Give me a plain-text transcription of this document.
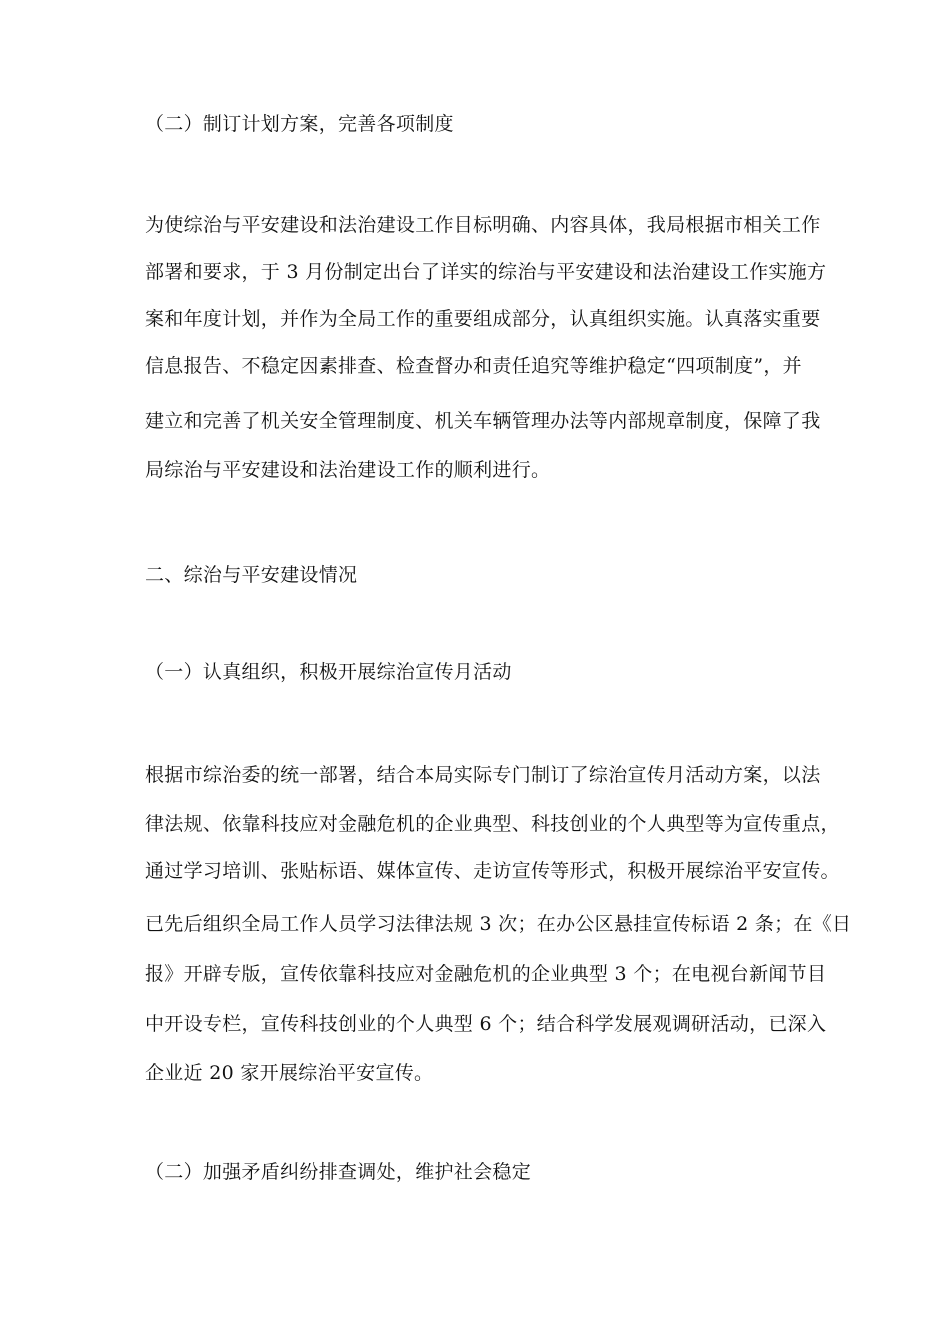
（二）制订计划方案，完善各项制度
为使综治与平安建设和法治建设工作目标明确、内容具体，我局根据市相关工作
部署和要求，于 3 月份制定出台了详实的综治与平安建设和法治建设工作实施方
案和年度计划，并作为全局工作的重要组成部分，认真组织实施。认真落实重要
信息报告、不稳定因素排查、检查督办和责任追究等维护稳定“四项制度”，并
建立和完善了机关安全管理制度、机关车辆管理办法等内部规章制度，保障了我
局综治与平安建设和法治建设工作的顺利进行。
二、综治与平安建设情况
（一）认真组织，积极开展综治宣传月活动
根据市综治委的统一部署，结合本局实际专门制订了综治宣传月活动方案，以法
律法规、依靠科技应对金融危机的企业典型、科技创业的个人典型等为宣传重点，
通过学习培训、张贴标语、媒体宣传、走访宣传等形式，积极开展综治平安宣传。
已先后组织全局工作人员学习法律法规 3 次；在办公区悬挂宣传标语 2 条；在《日
报》开辟专版，宣传依靠科技应对金融危机的企业典型 3 个；在电视台新闻节目
中开设专栏，宣传科技创业的个人典型 6 个；结合科学发展观调研活动，已深入
企业近 20 家开展综治平安宣传。
（二）加强矛盾纠纷排查调处，维护社会稳定
